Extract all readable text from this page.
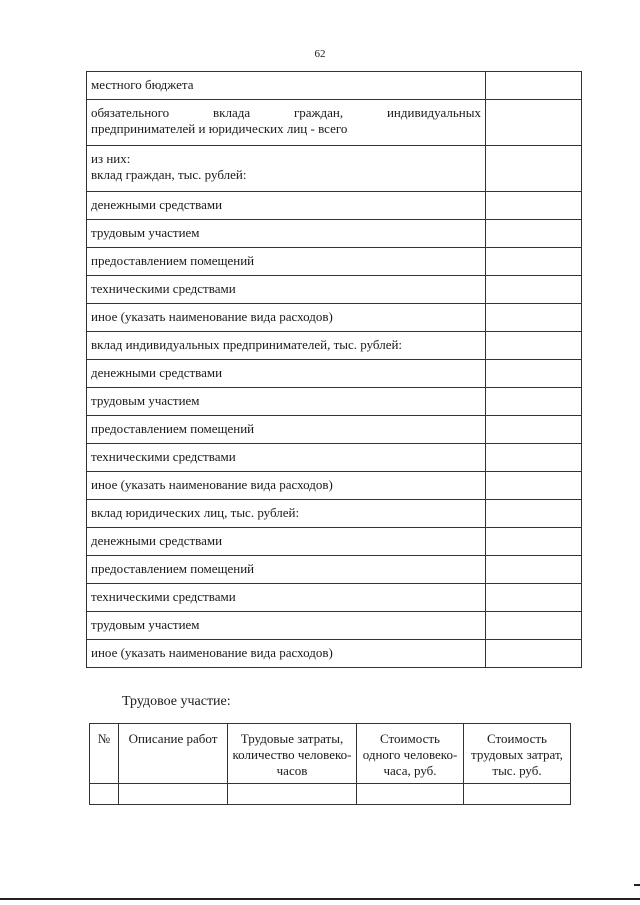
62
местного бюджета	

обязательного вклада граждан, индивидуальных
предпринимателей и юридических лиц - всего	

из них:
вклад граждан, тыс. рублей:	

денежными средствами	
трудовым участием	
предоставлением помещений	
техническими средствами	
иное (указать наименование вида расходов)	
вклад индивидуальных предпринимателей, тыс. рублей:	
денежными средствами	
трудовым участием	
предоставлением помещений	
техническими средствами	
иное (указать наименование вида расходов)	
вклад юридических лиц, тыс. рублей:	
денежными средствами	
предоставлением помещений	
техническими средствами	
трудовым участием	
иное (указать наименование вида расходов)	
Трудовое участие:
№	Описание работ	Трудовые затраты, количество человеко-часов	Стоимость одного человеко-часа, руб.	Стоимость трудовых затрат, тыс. руб.
